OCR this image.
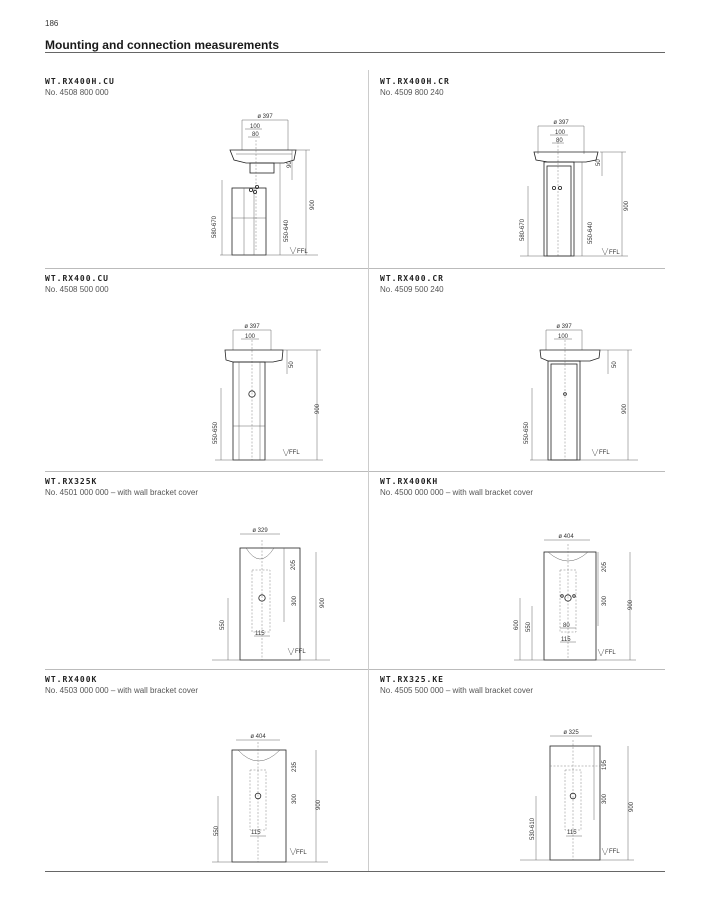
186
Mounting and connection measurements
WT.RX400H.CU
No. 4508 800 000
ø 397
100
80
580-670	550-640
90
900
FFL
WT.RX400H.CR
No. 4509 800 240
ø 397
100
80
580-670	550-640
50
900
FFL
WT.RX400.CU
No. 4508 500 000
ø 397
100
550-650
50
900
FFL
WT.RX400.CR
No. 4509 500 240
ø 397
100
550-650
50
900
FFL
WT.RX325K
No. 4501 000 000 – with wall bracket cover
ø 329
115
205
300	900
550
FFL
WT.RX400KH
No. 4500 000 000 – with wall bracket cover
ø 404
80
115
205
300	900
600 550
FFL
WT.RX400K
No. 4503 000 000 – with wall bracket cover
ø 404
115
235
300
900
550
FFL
WT.RX325.KE
No. 4505 500 000 – with wall bracket cover
ø 325
115
195
300
900
530-610
FFL
